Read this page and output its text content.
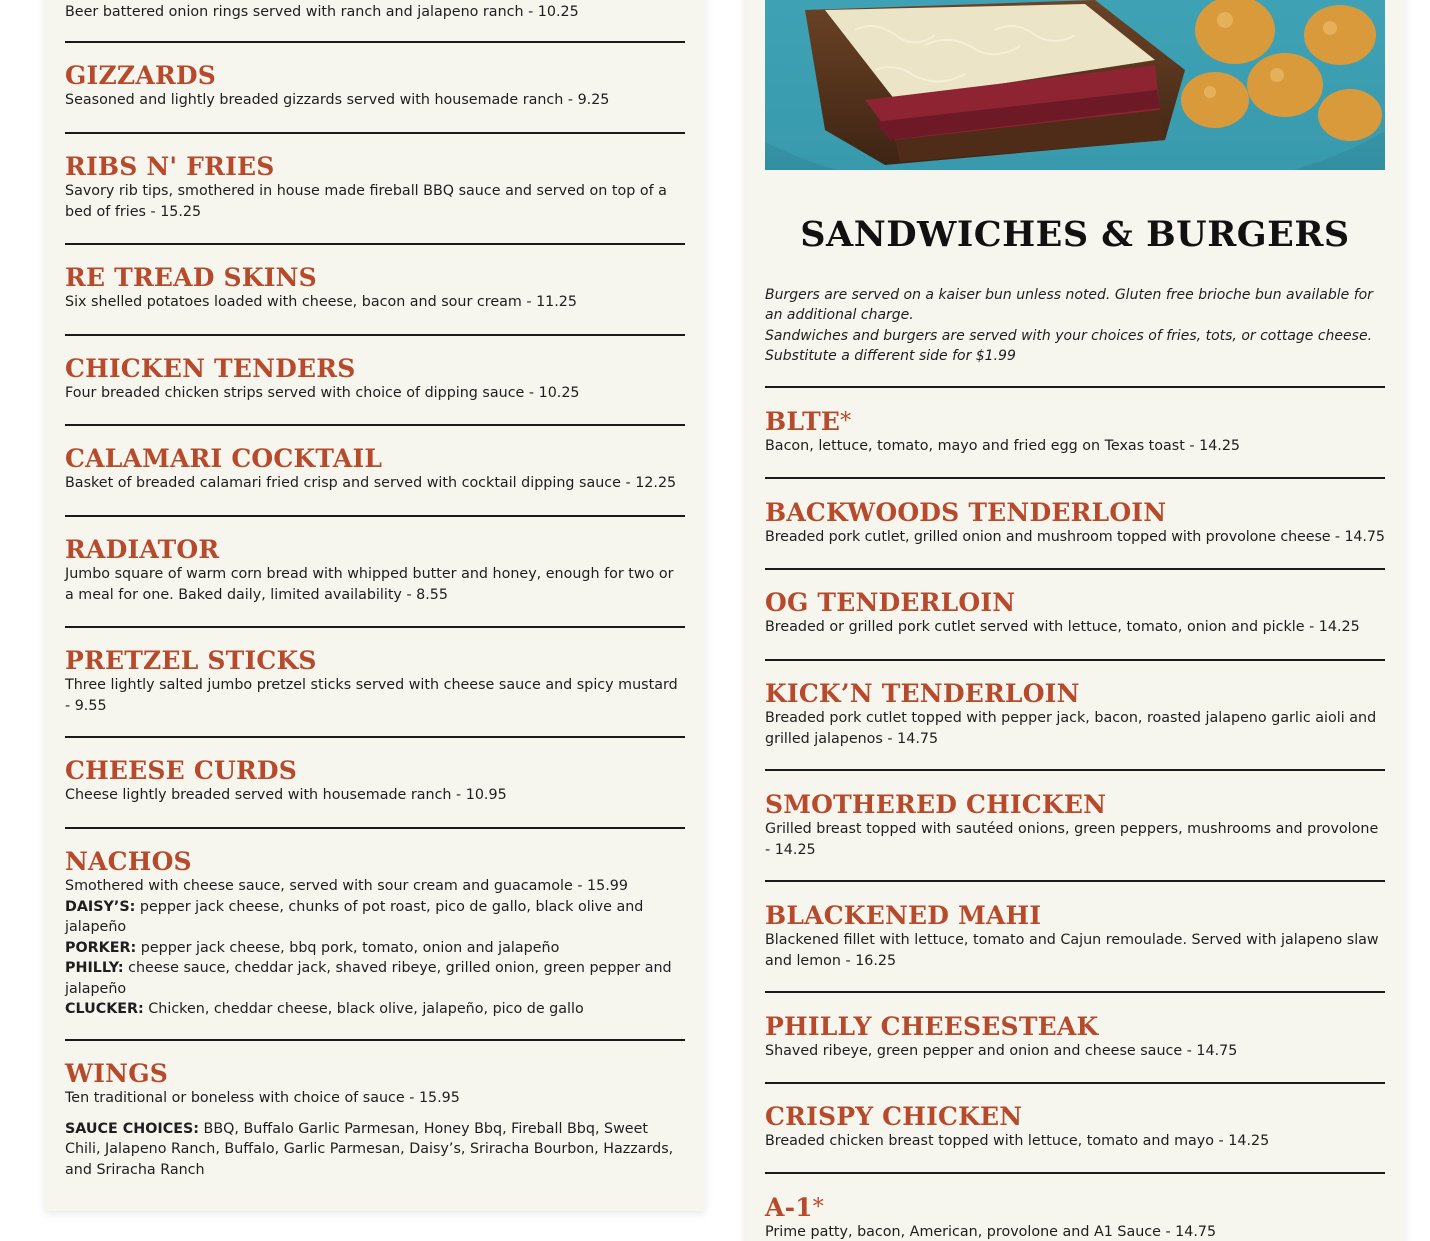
Beer battered onion rings served with ranch and jalapeno ranch - 10.25
GIZZARDS
Seasoned and lightly breaded gizzards served with housemade ranch - 9.25
RIBS N' FRIES
Savory rib tips, smothered in house made fireball BBQ sauce and served on top of a bed of fries - 15.25
RE TREAD SKINS
Six shelled potatoes loaded with cheese, bacon and sour cream - 11.25
CHICKEN TENDERS
Four breaded chicken strips served with choice of dipping sauce - 10.25
CALAMARI COCKTAIL
Basket of breaded calamari fried crisp and served with cocktail dipping sauce - 12.25
RADIATOR
Jumbo square of warm corn bread with whipped butter and honey, enough for two or a meal for one. Baked daily, limited availability - 8.55
PRETZEL STICKS
Three lightly salted jumbo pretzel sticks served with cheese sauce and spicy mustard - 9.55
CHEESE CURDS
Cheese lightly breaded served with housemade ranch - 10.95
NACHOS
Smothered with cheese sauce, served with sour cream and guacamole - 15.99
DAISY’S: pepper jack cheese, chunks of pot roast, pico de gallo, black olive and jalapeño
PORKER: pepper jack cheese, bbq pork, tomato, onion and jalapeño
PHILLY: cheese sauce, cheddar jack, shaved ribeye, grilled onion, green pepper and jalapeño
CLUCKER: Chicken, cheddar cheese, black olive, jalapeño, pico de gallo
WINGS
Ten traditional or boneless with choice of sauce - 15.95
SAUCE CHOICES: BBQ, Buffalo Garlic Parmesan, Honey Bbq, Fireball Bbq, Sweet Chili, Jalapeno Ranch, Buffalo, Garlic Parmesan, Daisy’s, Sriracha Bourbon, Hazzards, and Sriracha Ranch
SANDWICHES & BURGERS
Burgers are served on a kaiser bun unless noted. Gluten free brioche bun available for an additional charge.
Sandwiches and burgers are served with your choices of fries, tots, or cottage cheese. Substitute a different side for $1.99
BLTE*
Bacon, lettuce, tomato, mayo and fried egg on Texas toast - 14.25
BACKWOODS TENDERLOIN
Breaded pork cutlet, grilled onion and mushroom topped with provolone cheese - 14.75
OG TENDERLOIN
Breaded or grilled pork cutlet served with lettuce, tomato, onion and pickle - 14.25
KICK’N TENDERLOIN
Breaded pork cutlet topped with pepper jack, bacon, roasted jalapeno garlic aioli and grilled jalapenos - 14.75
SMOTHERED CHICKEN
Grilled breast topped with sautéed onions, green peppers, mushrooms and provolone - 14.25
BLACKENED MAHI
Blackened fillet with lettuce, tomato and Cajun remoulade. Served with jalapeno slaw and lemon - 16.25
PHILLY CHEESESTEAK
Shaved ribeye, green pepper and onion and cheese sauce - 14.75
CRISPY CHICKEN
Breaded chicken breast topped with lettuce, tomato and mayo - 14.25
A-1*
Prime patty, bacon, American, provolone and A1 Sauce - 14.75
